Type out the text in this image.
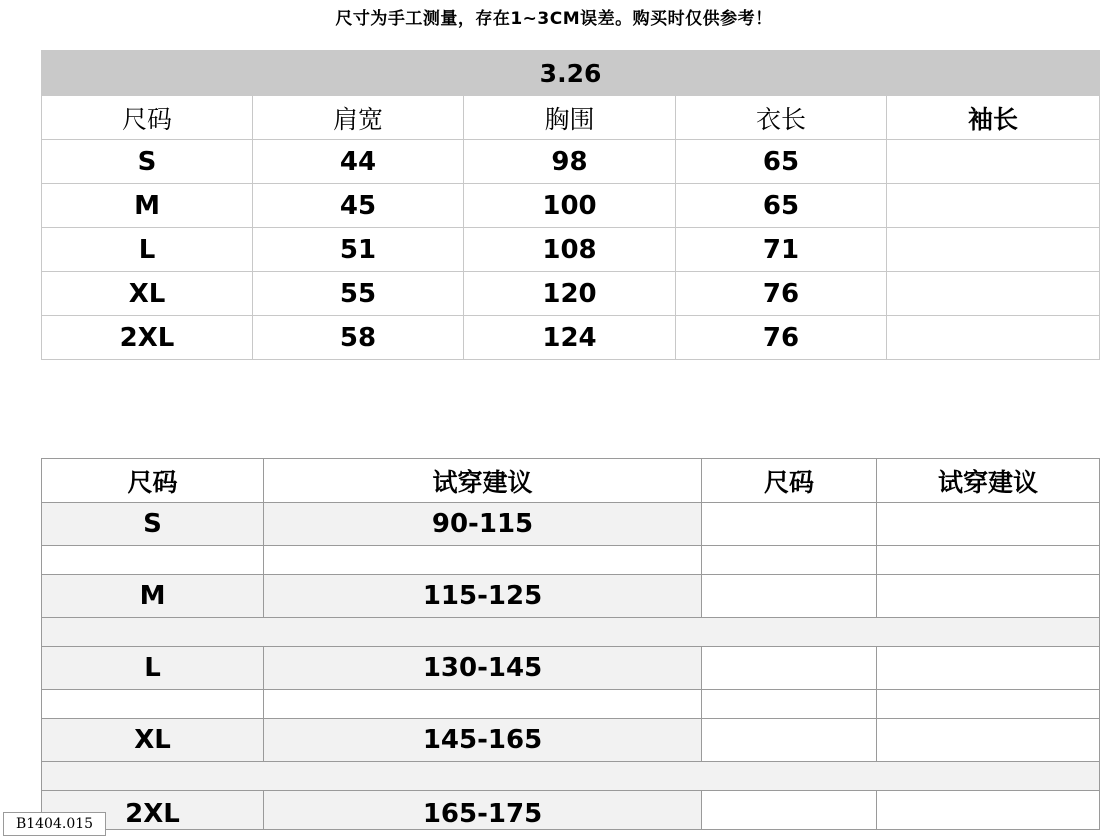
尺寸为手工测量，存在1~3CM误差。购买时仅供参考！
3.26				
尺码	肩宽	胸围	衣长	袖长
S	44	98	65	
M	45	100	65	
L	51	108	71	
XL	55	120	76	
2XL	58	124	76	
尺码	试穿建议	尺码	试穿建议
S	90-115		

M	115-125		

L	130-145		

XL	145-165		

2XL	165-175		
B1404.015
